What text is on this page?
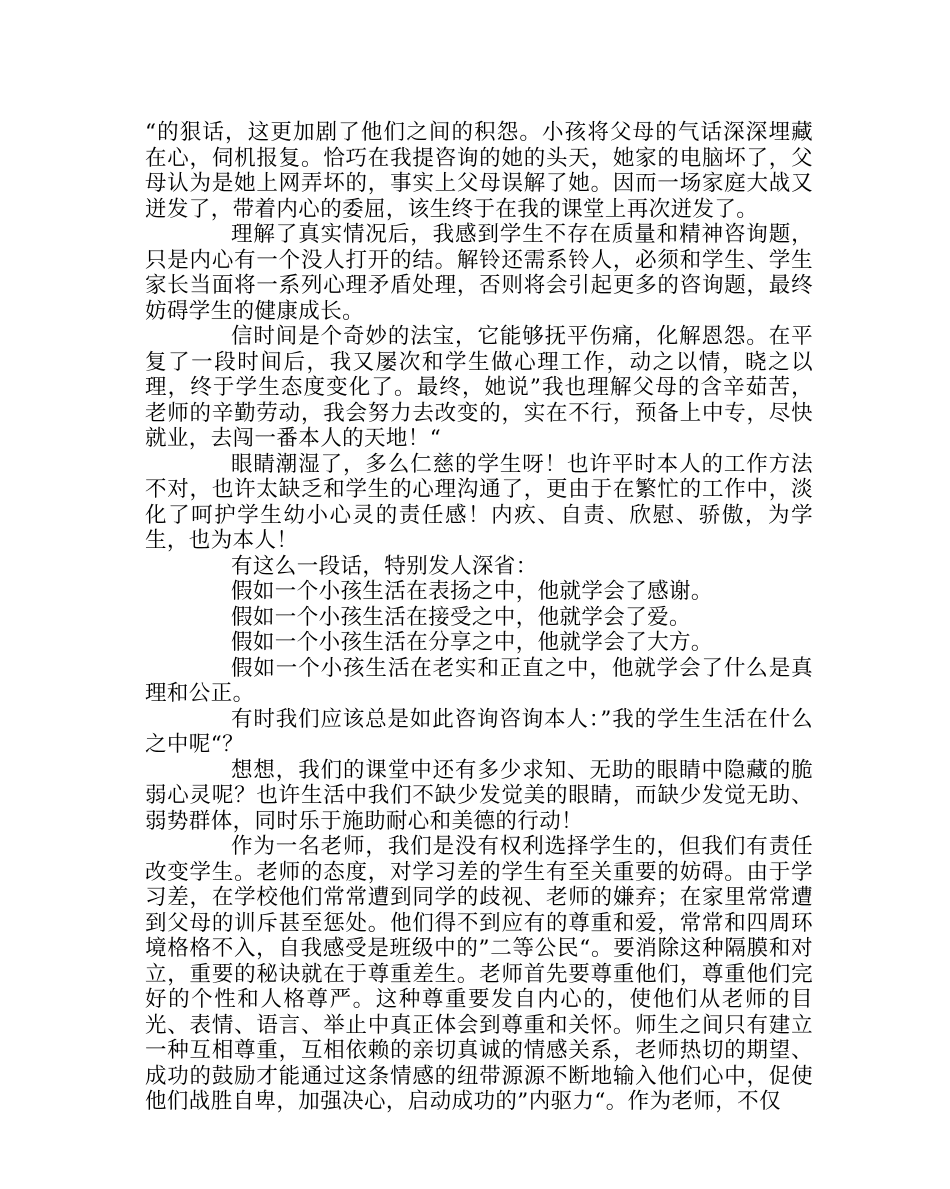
“的狠话，这更加剧了他们之间的积怨。小孩将父母的气话深深埋藏在心，伺机报复。恰巧在我提咨询的她的头天，她家的电脑坏了，父母认为是她上网弄坏的，事实上父母误解了她。因而一场家庭大战又迸发了，带着内心的委屈，该生终于在我的课堂上再次迸发了。

理解了真实情况后，我感到学生不存在质量和精神咨询题，只是内心有一个没人打开的结。解铃还需系铃人，必须和学生、学生家长当面将一系列心理矛盾处理，否则将会引起更多的咨询题，最终妨碍学生的健康成长。

信时间是个奇妙的法宝，它能够抚平伤痛，化解恩怨。在平复了一段时间后，我又屡次和学生做心理工作，动之以情，晓之以理，终于学生态度变化了。最终，她说”我也理解父母的含辛茹苦，老师的辛勤劳动，我会努力去改变的，实在不行，预备上中专，尽快就业，去闯一番本人的天地！“

眼睛潮湿了，多么仁慈的学生呀！也许平时本人的工作方法不对，也许太缺乏和学生的心理沟通了，更由于在繁忙的工作中，淡化了呵护学生幼小心灵的责任感！内疚、自责、欣慰、骄傲，为学生，也为本人！

有这么一段话，特别发人深省：

假如一个小孩生活在表扬之中，他就学会了感谢。

假如一个小孩生活在接受之中，他就学会了爱。

假如一个小孩生活在分享之中，他就学会了大方。

假如一个小孩生活在老实和正直之中，他就学会了什么是真理和公正。

有时我们应该总是如此咨询咨询本人：”我的学生生活在什么之中呢“？

想想，我们的课堂中还有多少求知、无助的眼睛中隐藏的脆弱心灵呢？也许生活中我们不缺少发觉美的眼睛，而缺少发觉无助、弱势群体，同时乐于施助耐心和美德的行动！

作为一名老师，我们是没有权利选择学生的，但我们有责任改变学生。老师的态度，对学习差的学生有至关重要的妨碍。由于学习差，在学校他们常常遭到同学的歧视、老师的嫌弃；在家里常常遭到父母的训斥甚至惩处。他们得不到应有的尊重和爱，常常和四周环境格格不入，自我感受是班级中的”二等公民“。要消除这种隔膜和对立，重要的秘诀就在于尊重差生。老师首先要尊重他们，尊重他们完好的个性和人格尊严。这种尊重要发自内心的，使他们从老师的目光、表情、语言、举止中真正体会到尊重和关怀。师生之间只有建立一种互相尊重，互相依赖的亲切真诚的情感关系，老师热切的期望、成功的鼓励才能通过这条情感的纽带源源不断地输入他们心中，促使他们战胜自卑，加强决心，启动成功的”内驱力“。作为老师，不仅
